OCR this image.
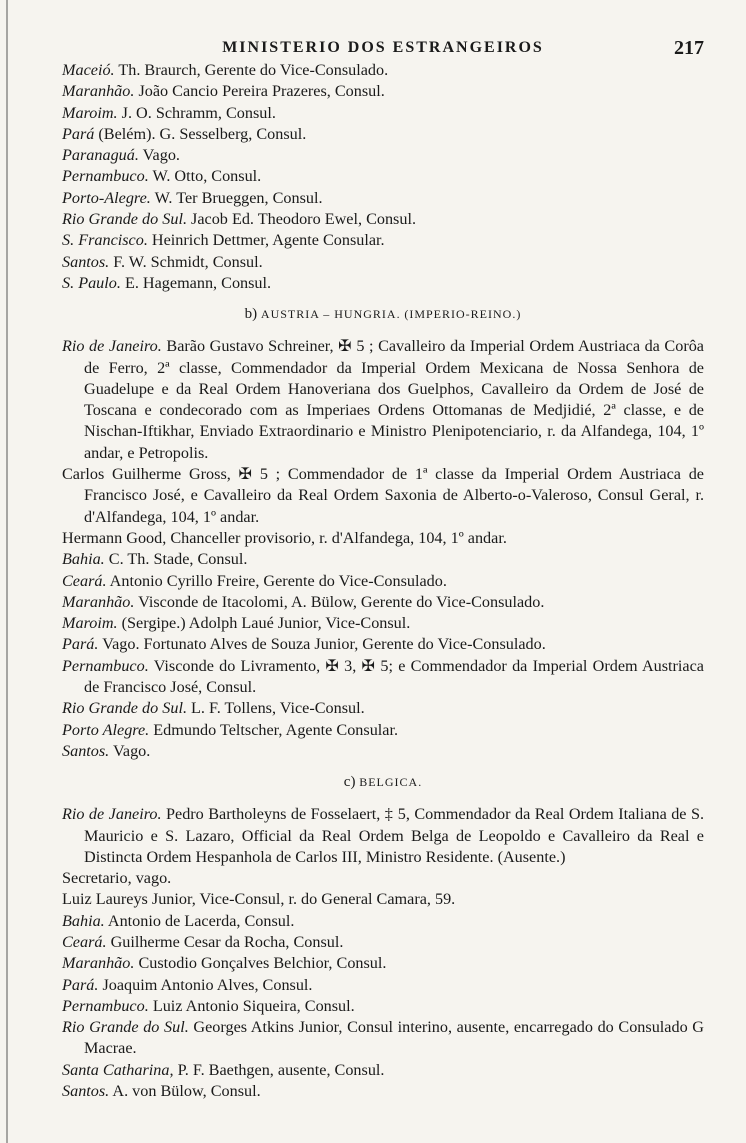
MINISTERIO DOS ESTRANGEIROS	217
Maceió. Th. Braurch, Gerente do Vice-Consulado.
Maranhão. João Cancio Pereira Prazeres, Consul.
Maroim. J. O. Schramm, Consul.
Pará (Belém). G. Sesselberg, Consul.
Paranaguá. Vago.
Pernambuco. W. Otto, Consul.
Porto-Alegre. W. Ter Brueggen, Consul.
Rio Grande do Sul. Jacob Ed. Theodoro Ewel, Consul.
S. Francisco. Heinrich Dettmer, Agente Consular.
Santos. F. W. Schmidt, Consul.
S. Paulo. E. Hagemann, Consul.
b) AUSTRIA – HUNGRIA. (IMPERIO-REINO.)
Rio de Janeiro. Barão Gustavo Schreiner, ✠ 5 ; Cavalleiro da Imperial Ordem Austriaca da Corôa de Ferro, 2ª classe, Commendador da Imperial Ordem Mexicana de Nossa Senhora de Guadelupe e da Real Ordem Hanoveriana dos Guelphos, Cavalleiro da Ordem de José de Toscana e condecorado com as Imperiaes Ordens Ottomanas de Medjidié, 2ª classe, e de Nischan-Iftikhar, Enviado Extraordinario e Ministro Plenipotenciario, r. da Alfandega, 104, 1º andar, e Petropolis.
Carlos Guilherme Gross, ✠ 5 ; Commendador de 1ª classe da Imperial Ordem Austriaca de Francisco José, e Cavalleiro da Real Ordem Saxonia de Alberto-o-Valeroso, Consul Geral, r. d'Alfandega, 104, 1º andar.
Hermann Good, Chanceller provisorio, r. d'Alfandega, 104, 1º andar.
Bahia. C. Th. Stade, Consul.
Ceará. Antonio Cyrillo Freire, Gerente do Vice-Consulado.
Maranhão. Visconde de Itacolomi, A. Bülow, Gerente do Vice-Consulado.
Maroim. (Sergipe.) Adolph Laué Junior, Vice-Consul.
Pará. Vago. Fortunato Alves de Souza Junior, Gerente do Vice-Consulado.
Pernambuco. Visconde do Livramento, ✠ 3, ✠ 5; e Commendador da Imperial Ordem Austriaca de Francisco José, Consul.
Rio Grande do Sul. L. F. Tollens, Vice-Consul.
Porto Alegre. Edmundo Teltscher, Agente Consular.
Santos. Vago.
c) BELGICA.
Rio de Janeiro. Pedro Bartholeyns de Fosselaert, ‡ 5, Commendador da Real Ordem Italiana de S. Mauricio e S. Lazaro, Official da Real Ordem Belga de Leopoldo e Cavalleiro da Real e Distincta Ordem Hespanhola de Carlos III, Ministro Residente. (Ausente.)
Secretario, vago.
Luiz Laureys Junior, Vice-Consul, r. do General Camara, 59.
Bahia. Antonio de Lacerda, Consul.
Ceará. Guilherme Cesar da Rocha, Consul.
Maranhão. Custodio Gonçalves Belchior, Consul.
Pará. Joaquim Antonio Alves, Consul.
Pernambuco. Luiz Antonio Siqueira, Consul.
Rio Grande do Sul. Georges Atkins Junior, Consul interino, ausente, encarregado do Consulado G Macrae.
Santa Catharina, P. F. Baethgen, ausente, Consul.
Santos. A. von Bülow, Consul.
